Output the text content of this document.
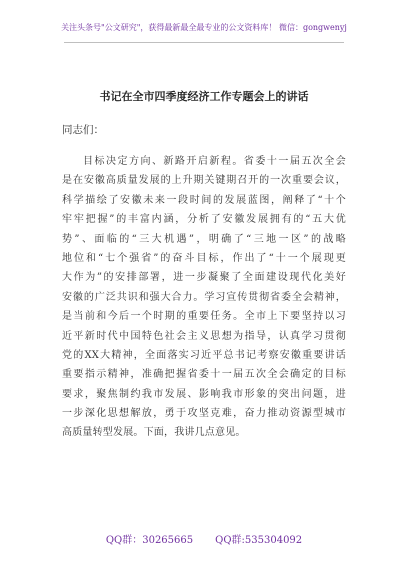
关注头条号"公文研究"，获得最新最全最专业的公文资料库！ 微信：gongwenyj
书记在全市四季度经济工作专题会上的讲话
同志们：
目标决定方向、新路开启新程。省委十一届五次全会
是在安徽高质量发展的上升期关键期召开的一次重要会议，
科学描绘了安徽未来一段时间的发展蓝图，阐释了“十个
牢牢把握”的丰富内涵，分析了安徽发展拥有的“五大优
势”、面临的“三大机遇”，明确了“三地一区”的战略
地位和“七个强省”的奋斗目标，作出了“十一个展现更
大作为”的安排部署，进一步凝聚了全面建设现代化美好
安徽的广泛共识和强大合力。学习宣传贯彻省委全会精神，
是当前和今后一个时期的重要任务。全市上下要坚持以习
近平新时代中国特色社会主义思想为指导，认真学习贯彻
党的XX大精神，全面落实习近平总书记考察安徽重要讲话
重要指示精神，准确把握省委十一届五次全会确定的目标
要求，聚焦制约我市发展、影响我市形象的突出问题，进
一步深化思想解放，勇于攻坚克难，奋力推动资源型城市
高质量转型发展。下面，我讲几点意见。
QQ群：30265665 QQ群:535304092
